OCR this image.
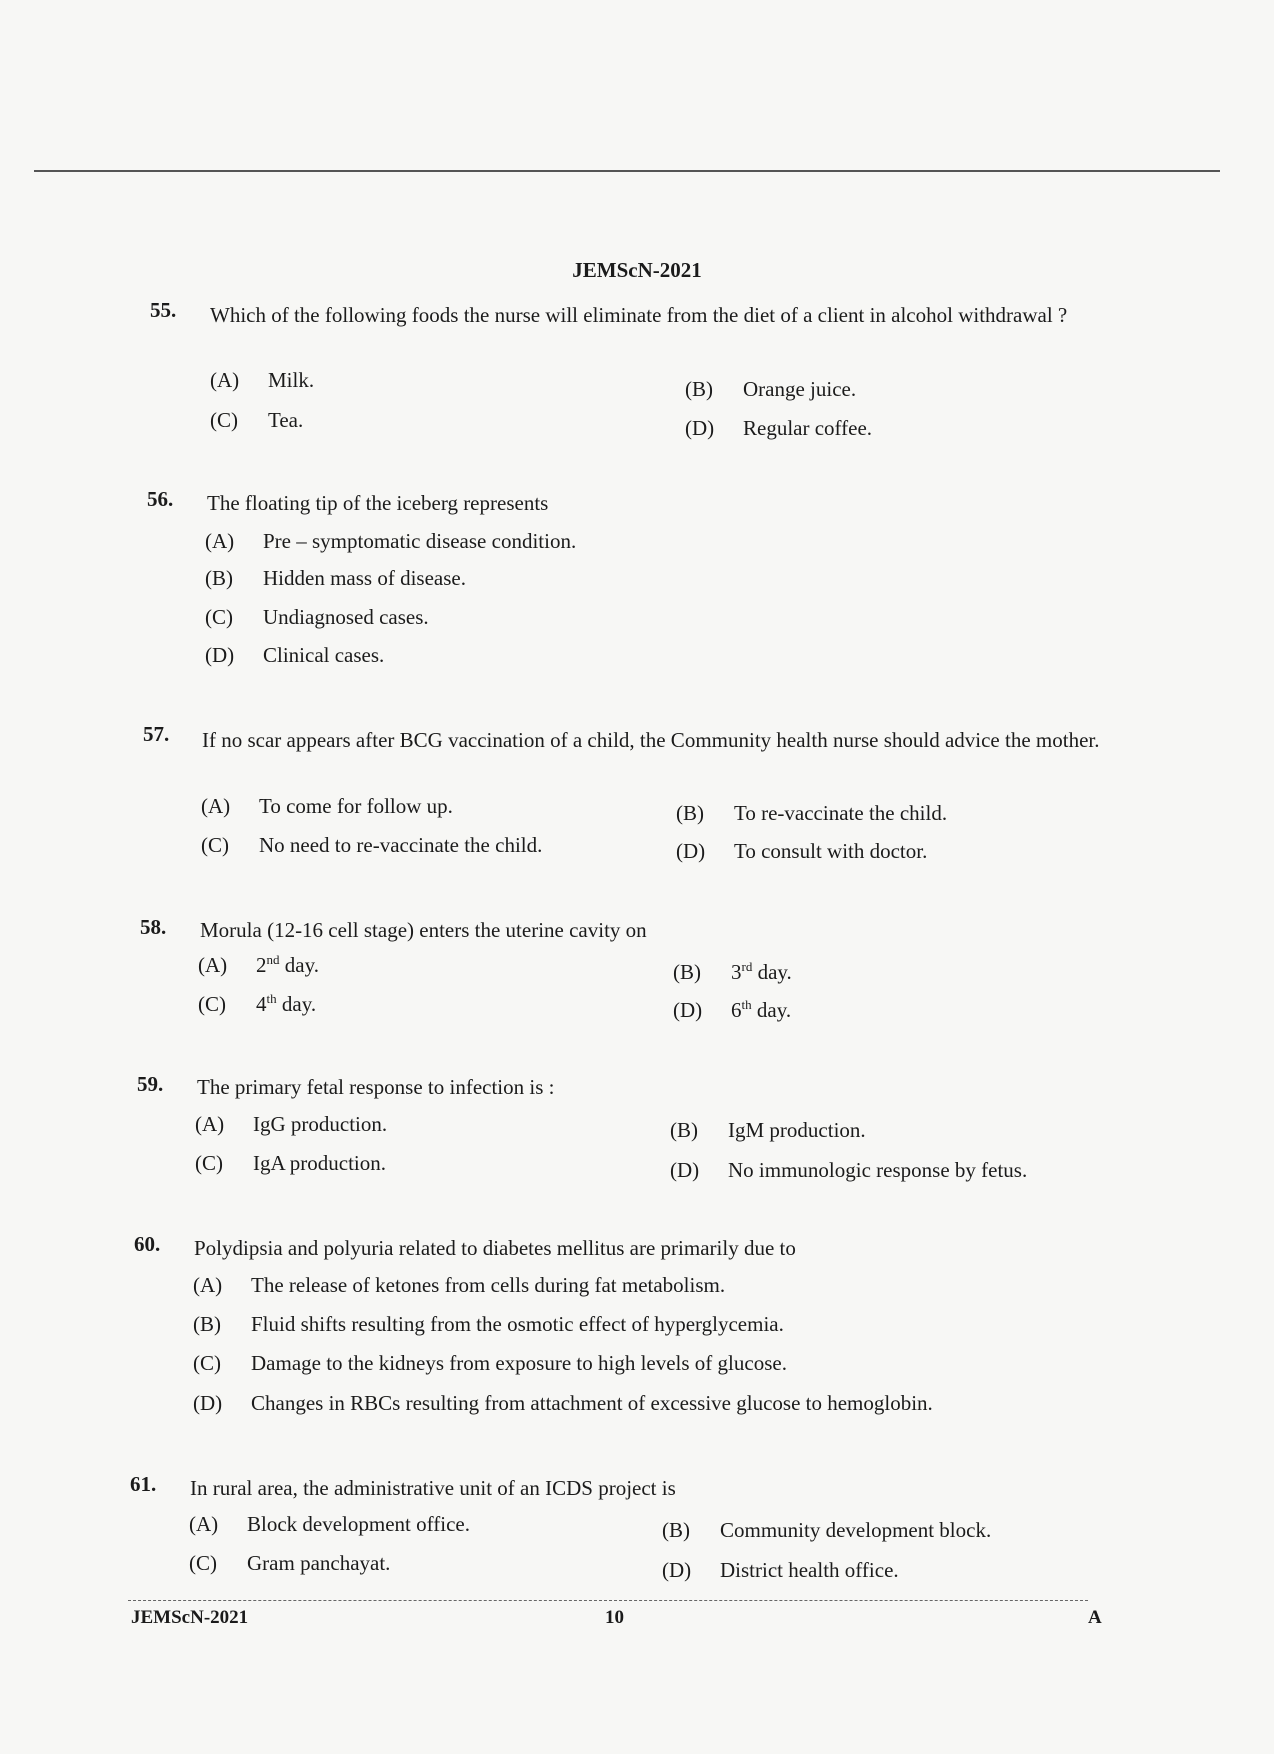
JEMScN-2021
55. Which of the following foods the nurse will eliminate from the diet of a client in alcohol withdrawal ?
(A) Milk.	(B) Orange juice.
(C) Tea.	(D) Regular coffee.
56. The floating tip of the iceberg represents
(A) Pre – symptomatic disease condition.
(B) Hidden mass of disease.
(C) Undiagnosed cases.
(D) Clinical cases.
57. If no scar appears after BCG vaccination of a child, the Community health nurse should advice the mother.
(A) To come for follow up.	(B) To re-vaccinate the child.
(C) No need to re-vaccinate the child.	(D) To consult with doctor.
58. Morula (12-16 cell stage) enters the uterine cavity on
(A) 2nd day.	(B) 3rd day.
(C) 4th day.	(D) 6th day.
59. The primary fetal response to infection is :
(A) IgG production.	(B) IgM production.
(C) IgA production.	(D) No immunologic response by fetus.
60. Polydipsia and polyuria related to diabetes mellitus are primarily due to
(A) The release of ketones from cells during fat metabolism.
(B) Fluid shifts resulting from the osmotic effect of hyperglycemia.
(C) Damage to the kidneys from exposure to high levels of glucose.
(D) Changes in RBCs resulting from attachment of excessive glucose to hemoglobin.
61. In rural area, the administrative unit of an ICDS project is
(A) Block development office.	(B) Community development block.
(C) Gram panchayat.	(D) District health office.
JEMScN-2021	10	A
